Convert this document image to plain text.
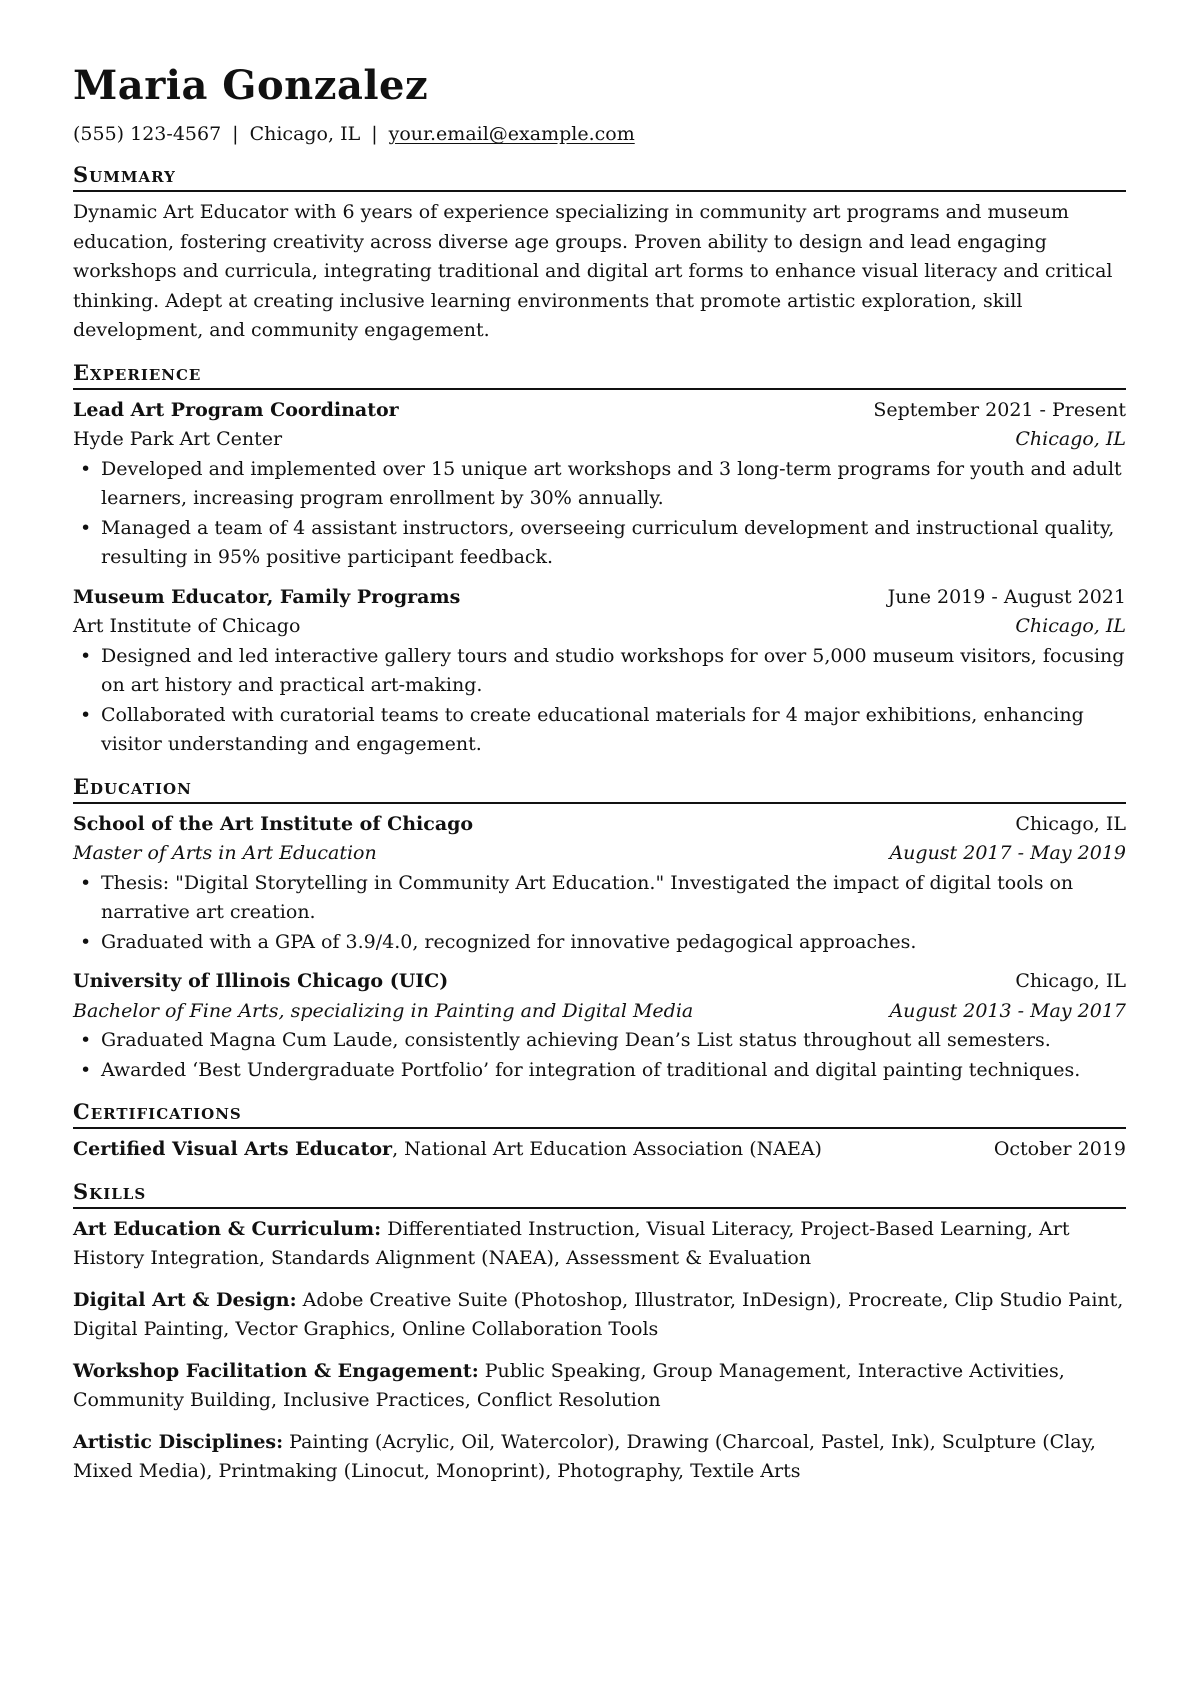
Maria Gonzalez
(555) 123-4567 | Chicago, IL | your.email@example.com
Summary
Dynamic Art Educator with 6 years of experience specializing in community art programs and museum education, fostering creativity across diverse age groups. Proven ability to design and lead engaging workshops and curricula, integrating traditional and digital art forms to enhance visual literacy and critical thinking. Adept at creating inclusive learning environments that promote artistic exploration, skill development, and community engagement.
Experience
Lead Art Program Coordinator	September 2021 - Present
Hyde Park Art Center	Chicago, IL
• Developed and implemented over 15 unique art workshops and 3 long-term programs for youth and adult learners, increasing program enrollment by 30% annually.
• Managed a team of 4 assistant instructors, overseeing curriculum development and instructional quality, resulting in 95% positive participant feedback.
Museum Educator, Family Programs	June 2019 - August 2021
Art Institute of Chicago	Chicago, IL
• Designed and led interactive gallery tours and studio workshops for over 5,000 museum visitors, focusing on art history and practical art-making.
• Collaborated with curatorial teams to create educational materials for 4 major exhibitions, enhancing visitor understanding and engagement.
Education
School of the Art Institute of Chicago	Chicago, IL
Master of Arts in Art Education	August 2017 - May 2019
• Thesis: "Digital Storytelling in Community Art Education." Investigated the impact of digital tools on narrative art creation.
• Graduated with a GPA of 3.9/4.0, recognized for innovative pedagogical approaches.
University of Illinois Chicago (UIC)	Chicago, IL
Bachelor of Fine Arts, specializing in Painting and Digital Media	August 2013 - May 2017
• Graduated Magna Cum Laude, consistently achieving Dean’s List status throughout all semesters.
• Awarded ‘Best Undergraduate Portfolio’ for integration of traditional and digital painting techniques.
Certifications
Certified Visual Arts Educator, National Art Education Association (NAEA)	October 2019
Skills
Art Education & Curriculum: Differentiated Instruction, Visual Literacy, Project-Based Learning, Art History Integration, Standards Alignment (NAEA), Assessment & Evaluation
Digital Art & Design: Adobe Creative Suite (Photoshop, Illustrator, InDesign), Procreate, Clip Studio Paint, Digital Painting, Vector Graphics, Online Collaboration Tools
Workshop Facilitation & Engagement: Public Speaking, Group Management, Interactive Activities, Community Building, Inclusive Practices, Conflict Resolution
Artistic Disciplines: Painting (Acrylic, Oil, Watercolor), Drawing (Charcoal, Pastel, Ink), Sculpture (Clay, Mixed Media), Printmaking (Linocut, Monoprint), Photography, Textile Arts
